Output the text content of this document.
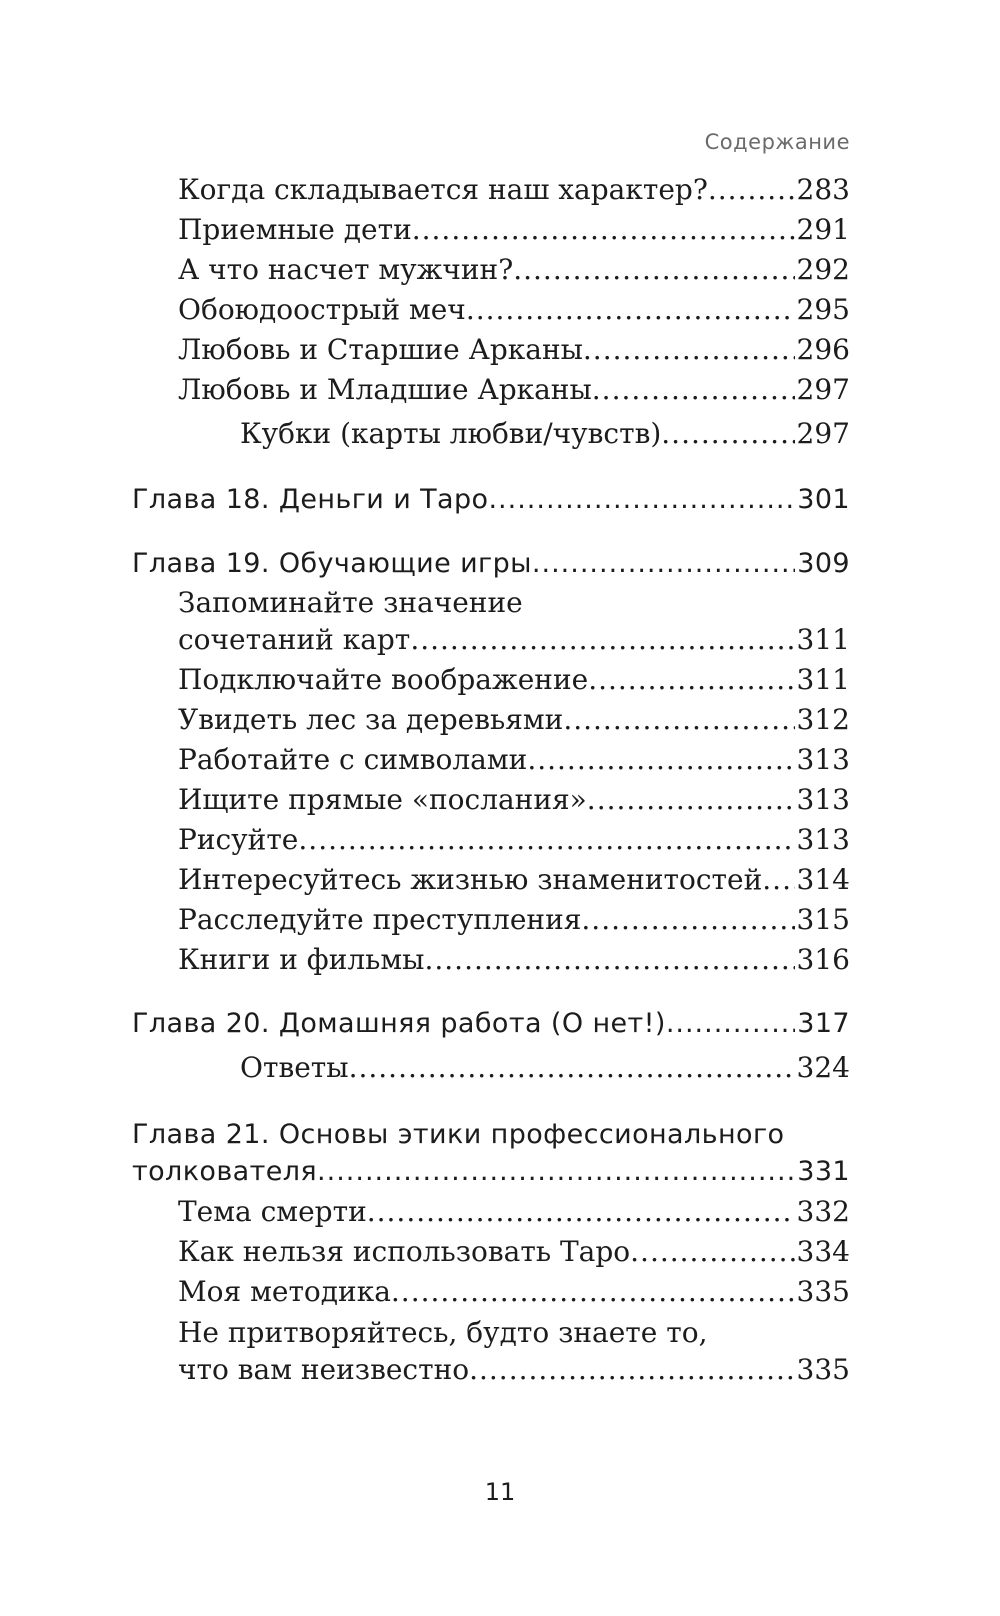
Содержание
Когда складывается наш характер? .....	283
Приемные дети .....	291
А что насчет мужчин? .....	292
Обоюдоострый меч .....	295
Любовь и Старшие Арканы .....	296
Любовь и Младшие Арканы .....	297
Кубки (карты любви/чувств) .....	297
Глава 18. Деньги и Таро .....	301
Глава 19. Обучающие игры .....	309
Запоминайте значение
сочетаний карт .....	311
Подключайте воображение .....	311
Увидеть лес за деревьями .....	312
Работайте с символами .....	313
Ищите прямые «послания» .....	313
Рисуйте .....	313
Интересуйтесь жизнью знаменитостей ..... 314
Расследуйте преступления .....	315
Книги и фильмы .....	316
Глава 20. Домашняя работа (О нет!) .....	317
Ответы .....	324
Глава 21. Основы этики профессионального
толкователя .....	331
Тема смерти .....	332
Как нельзя использовать Таро .....	334
Моя методика .....	335
Не притворяйтесь, будто знаете то,
что вам неизвестно .....	335
11
